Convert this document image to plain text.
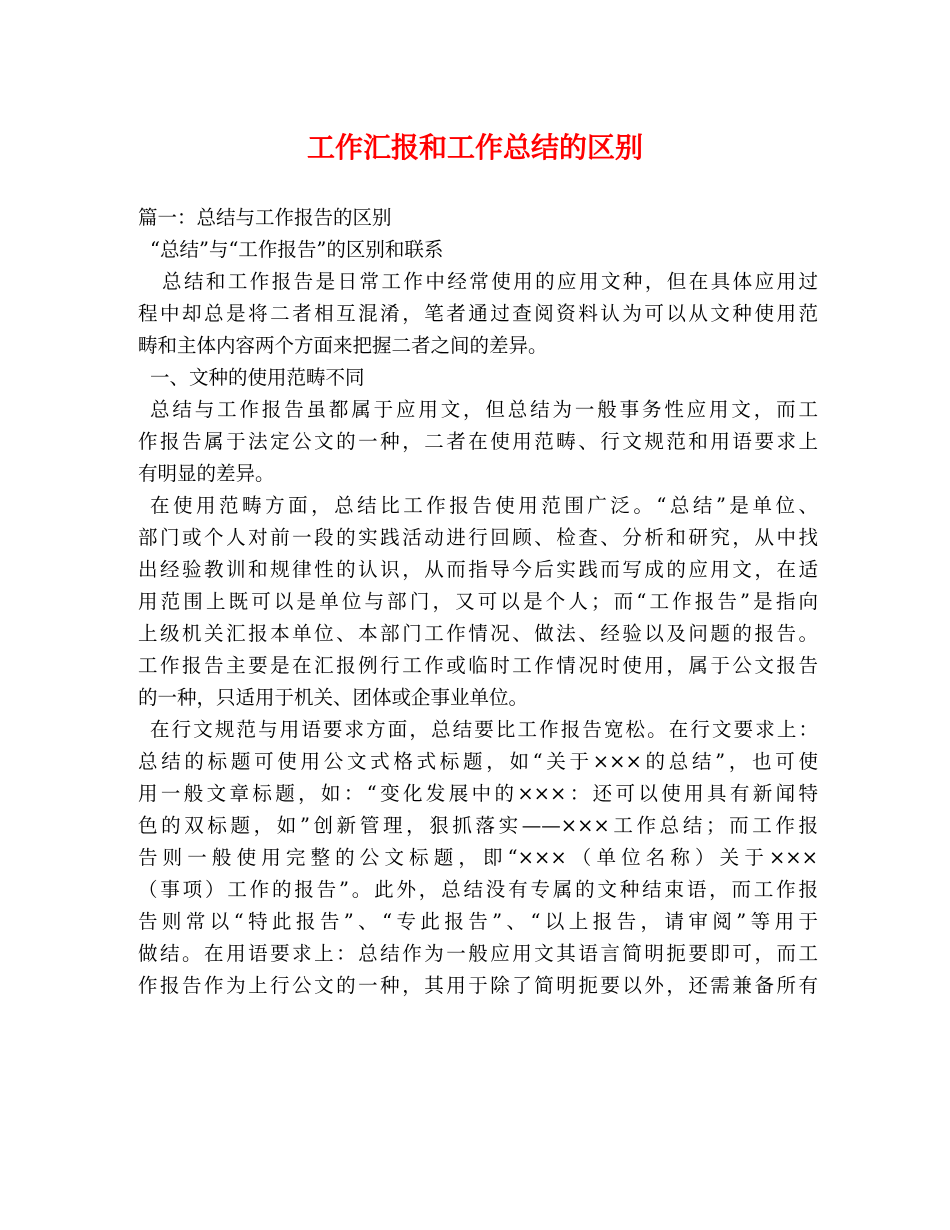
工作汇报和工作总结的区别
篇一：总结与工作报告的区别
“总结”与“工作报告”的区别和联系
总结和工作报告是日常工作中经常使用的应用文种，但在具体应用过
程中却总是将二者相互混淆，笔者通过查阅资料认为可以从文种使用范
畴和主体内容两个方面来把握二者之间的差异。
一、文种的使用范畴不同
总结与工作报告虽都属于应用文，但总结为一般事务性应用文，而工
作报告属于法定公文的一种，二者在使用范畴、行文规范和用语要求上
有明显的差异。
在使用范畴方面，总结比工作报告使用范围广泛。“总结”是单位、
部门或个人对前一段的实践活动进行回顾、检查、分析和研究，从中找
出经验教训和规律性的认识，从而指导今后实践而写成的应用文，在适
用范围上既可以是单位与部门，又可以是个人；而“工作报告”是指向
上级机关汇报本单位、本部门工作情况、做法、经验以及问题的报告。
工作报告主要是在汇报例行工作或临时工作情况时使用，属于公文报告
的一种，只适用于机关、团体或企事业单位。
在行文规范与用语要求方面，总结要比工作报告宽松。在行文要求上：
总结的标题可使用公文式格式标题，如“关于×××的总结”，也可使
用一般文章标题，如：“变化发展中的×××：还可以使用具有新闻特
色的双标题，如”创新管理，狠抓落实——×××工作总结；而工作报
告则一般使用完整的公文标题，即“×××（单位名称）关于×××
（事项）工作的报告”。此外，总结没有专属的文种结束语，而工作报
告则常以“特此报告”、“专此报告”、“以上报告，请审阅”等用于
做结。在用语要求上：总结作为一般应用文其语言简明扼要即可，而工
作报告作为上行公文的一种，其用于除了简明扼要以外，还需兼备所有
